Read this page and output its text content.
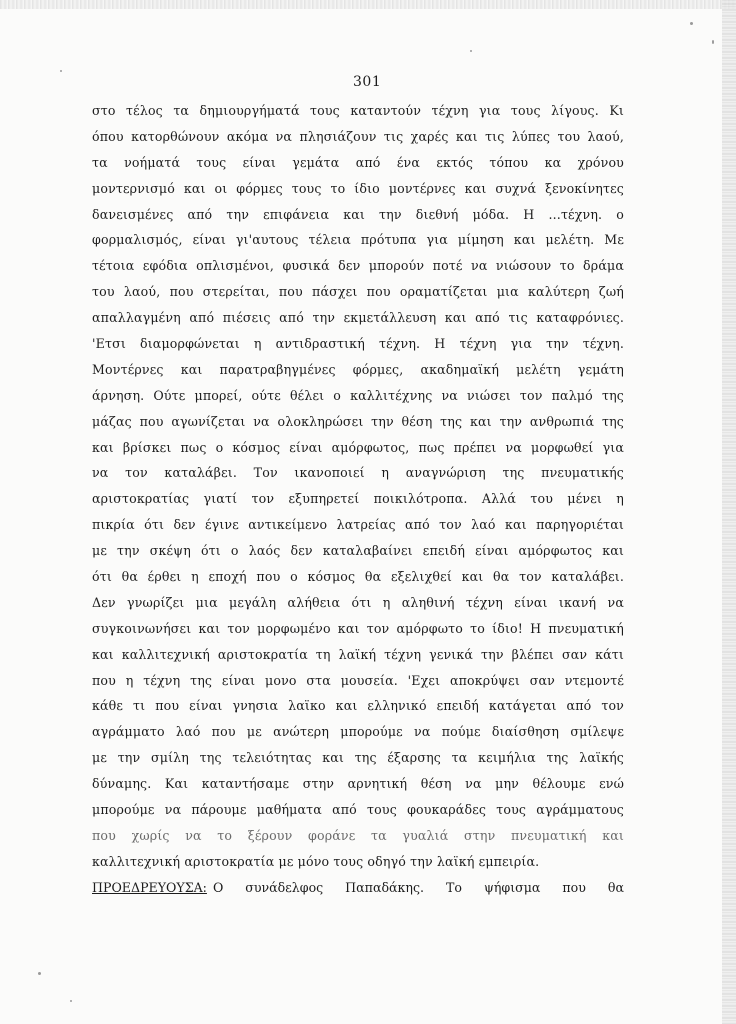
301
στο τέλος τα δημιουργήματά τους καταντούν τέχνη για τους λίγους. Κι
όπου κατορθώνουν ακόμα να πλησιάζουν τις χαρές και τις λύπες του λαού,
τα νοήματά τους είναι γεμάτα από ένα εκτός τόπου κα χρόνου
μοντερνισμό και οι φόρμες τους το ίδιο μοντέρνες και συχνά ξενοκίνητες
δανεισμένες από την επιφάνεια και την διεθνή μόδα. Η ...τέχνη. ο
φορμαλισμός, είναι γι'αυτους τέλεια πρότυπα για μίμηση και μελέτη. Με
τέτοια εφόδια οπλισμένοι, φυσικά δεν μπορούν ποτέ να νιώσουν το δράμα
του λαού, που στερείται, που πάσχει που οραματίζεται μια καλύτερη ζωή
απαλλαγμένη από πιέσεις από την εκμετάλλευση και από τις καταφρόνιες.
'Ετσι διαμορφώνεται η αντιδραστική τέχνη. Η τέχνη για την τέχνη.
Μοντέρνες και παρατραβηγμένες φόρμες, ακαδημαϊκή μελέτη γεμάτη
άρνηση. Ούτε μπορεί, ούτε θέλει ο καλλιτέχνης να νιώσει τον παλμό της
μάζας που αγωνίζεται να ολοκληρώσει την θέση της και την ανθρωπιά της
και βρίσκει πως ο κόσμος είναι αμόρφωτος, πως πρέπει να μορφωθεί για
να τον καταλάβει. Τον ικανοποιεί η αναγνώριση της πνευματικής
αριστοκρατίας γιατί τον εξυπηρετεί ποικιλότροπα. Αλλά του μένει η
πικρία ότι δεν έγινε αντικείμενο λατρείας από τον λαό και παρηγοριέται
με την σκέψη ότι ο λαός δεν καταλαβαίνει επειδή είναι αμόρφωτος και
ότι θα έρθει η εποχή που ο κόσμος θα εξελιχθεί και θα τον καταλάβει.
Δεν γνωρίζει μια μεγάλη αλήθεια ότι η αληθινή τέχνη είναι ικανή να
συγκοινωνήσει και τον μορφωμένο και τον αμόρφωτο το ίδιο! Η πνευματική
και καλλιτεχνική αριστοκρατία τη λαϊκή τέχνη γενικά την βλέπει σαν κάτι
που η τέχνη της είναι μονο στα μουσεία. 'Εχει αποκρύψει σαν ντεμοντέ
κάθε τι που είναι γνησια λαϊκο και ελληνικό επειδή κατάγεται από τον
αγράμματο λαό που με ανώτερη μπορούμε να πούμε διαίσθηση σμίλεψε
με την σμίλη της τελειότητας και της έξαρσης τα κειμήλια της λαϊκής
δύναμης. Και καταντήσαμε στην αρνητική θέση να μην θέλουμε ενώ
μπορούμε να πάρουμε μαθήματα από τους φουκαράδες τους αγράμματους
που χωρίς να το ξέρουν φοράνε τα γυαλιά στην πνευματική και
καλλιτεχνική αριστοκρατία με μόνο τους οδηγό την λαϊκή εμπειρία.
ΠΡΟΕΔΡΕΥΟΥΣΑ: Ο συνάδελφος Παπαδάκης. Το ψήφισμα που θα
